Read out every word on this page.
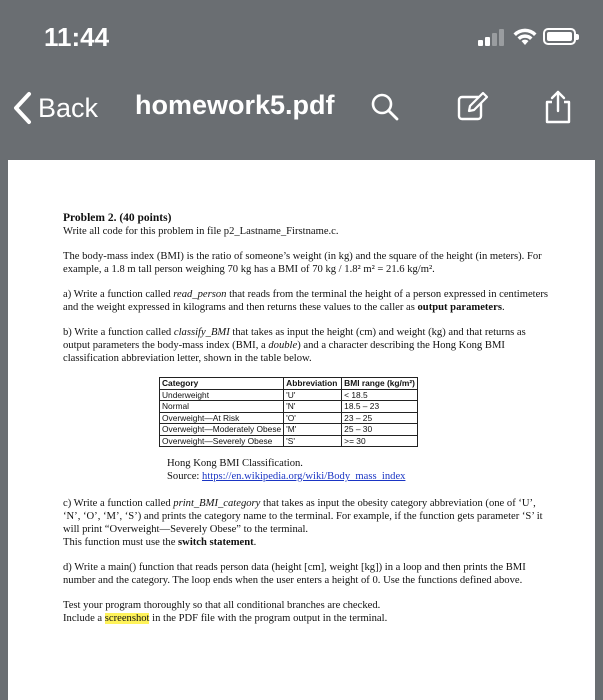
11:44
Back homework5.pdf

Problem 2. (40 points)

Write all code for this problem in file p2_Lastname_Firstname.c.

The body-mass index (BMI) is the ratio of someone’s weight (in kg) and the square of the height (in meters). For example, a 1.8 m tall person weighing 70 kg has a BMI of 70 kg / 1.8² m² = 21.6 kg/m².

a) Write a function called read_person that reads from the terminal the height of a person expressed in centimeters and the weight expressed in kilograms and then returns these values to the caller as output parameters.

b) Write a function called classify_BMI that takes as input the height (cm) and weight (kg) and that returns as output parameters the body-mass index (BMI, a double) and a character describing the Hong Kong BMI classification abbreviation letter, shown in the table below.

Category	Abbreviation	BMI range (kg/m²)
Underweight	'U'	< 18.5
Normal	'N'	18.5 – 23
Overweight—At Risk	'O'	23 – 25
Overweight—Moderately Obese	'M'	25 – 30
Overweight—Severely Obese	'S'	>= 30
Hong Kong BMI Classification.
Source: https://en.wikipedia.org/wiki/Body_mass_index

c) Write a function called print_BMI_category that takes as input the obesity category abbreviation (one of ‘U’, ‘N’, ‘O’, ‘M’, ‘S’) and prints the category name to the terminal. For example, if the function gets parameter ‘S’ it will print “Overweight—Severely Obese” to the terminal.
This function must use the switch statement.

d) Write a main() function that reads person data (height [cm], weight [kg]) in a loop and then prints the BMI number and the category. The loop ends when the user enters a height of 0. Use the functions defined above.

Test your program thoroughly so that all conditional branches are checked.
Include a screenshot in the PDF file with the program output in the terminal.
